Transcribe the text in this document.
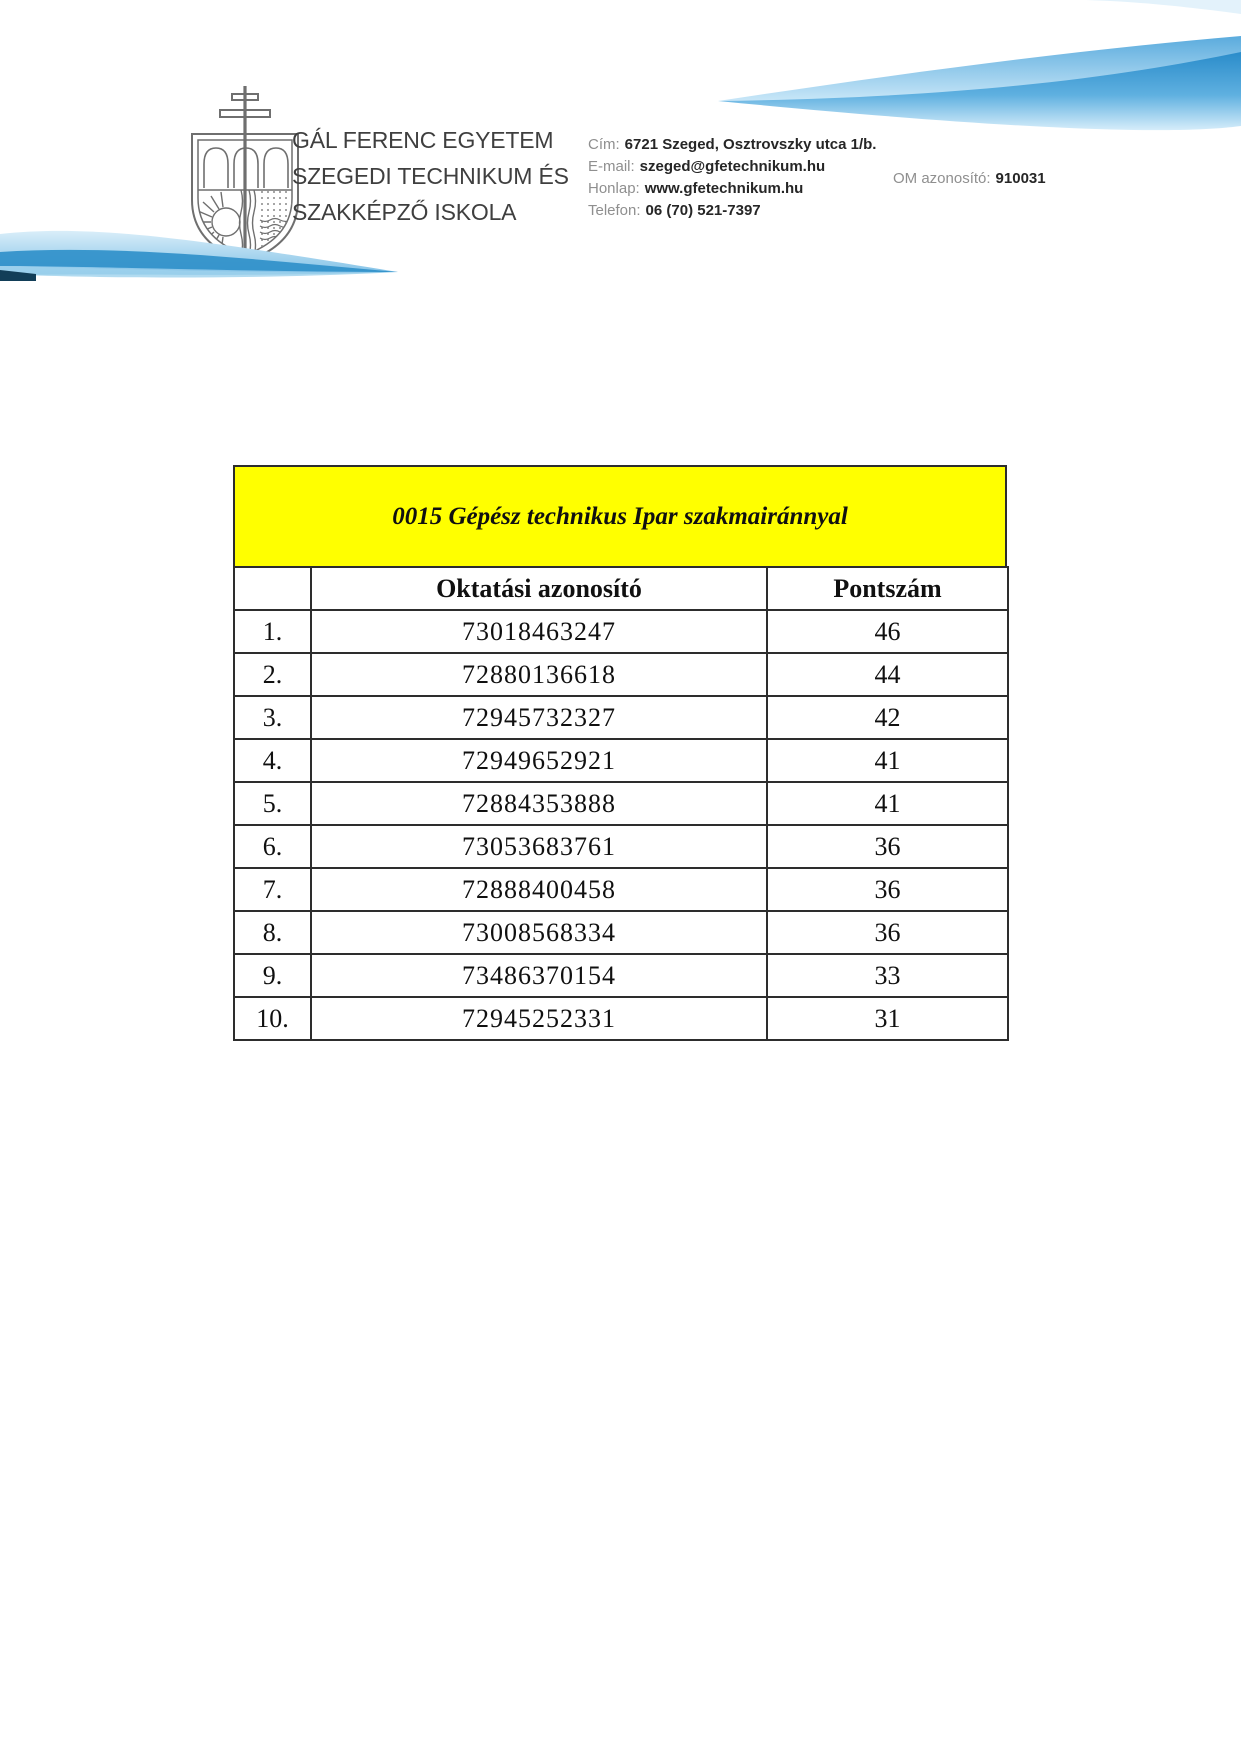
GÁL FERENC EGYETEM
SZEGEDI TECHNIKUM ÉS
SZAKKÉPZŐ ISKOLA
Cím: 6721 Szeged, Osztrovszky utca 1/b.
E-mail: szeged@gfetechnikum.hu
Honlap: www.gfetechnikum.hu
Telefon: 06 (70) 521-7397
OM azonosító: 910031
0015 Gépész technikus Ipar szakmairánnyal
	Oktatási azonosító	Pontszám
1.	73018463247	46
2.	72880136618	44
3.	72945732327	42
4.	72949652921	41
5.	72884353888	41
6.	73053683761	36
7.	72888400458	36
8.	73008568334	36
9.	73486370154	33
10.	72945252331	31
